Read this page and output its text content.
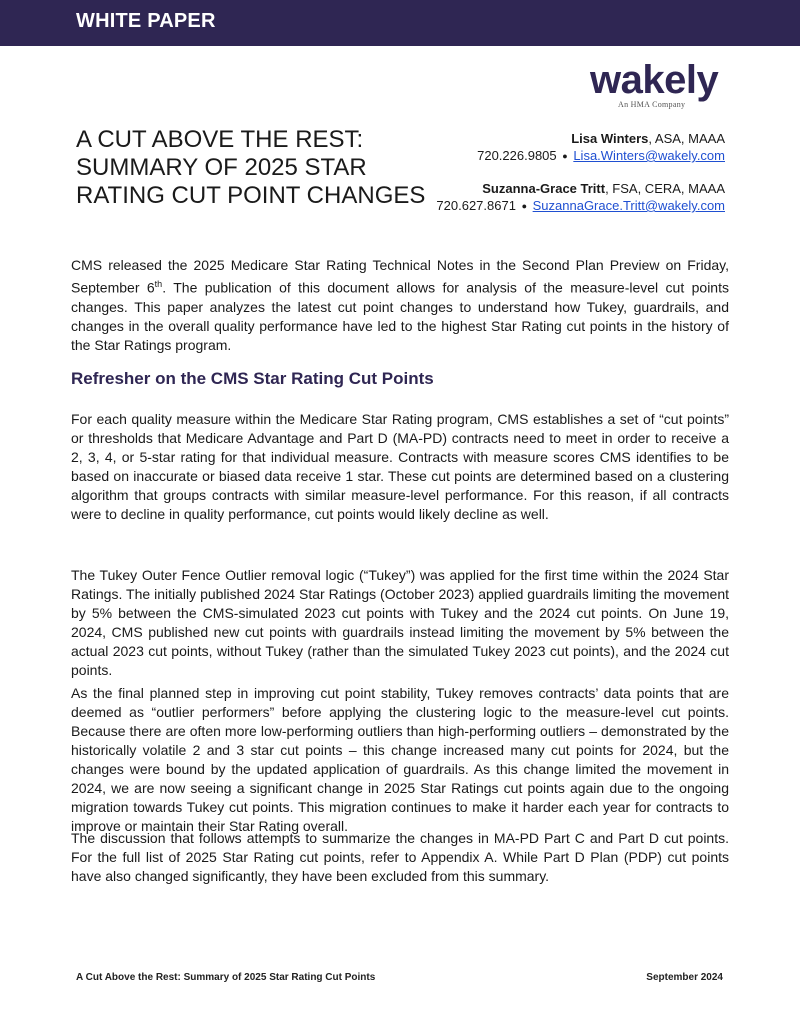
WHITE PAPER
wakely
An HMA Company
A CUT ABOVE THE REST:
SUMMARY OF 2025 STAR
RATING CUT POINT CHANGES
Lisa Winters, ASA, MAAA
720.226.9805 ● Lisa.Winters@wakely.com
Suzanna-Grace Tritt, FSA, CERA, MAAA
720.627.8671 ● SuzannaGrace.Tritt@wakely.com

CMS released the 2025 Medicare Star Rating Technical Notes in the Second Plan Preview on Friday, September 6th. The publication of this document allows for analysis of the measure-level cut points changes. This paper analyzes the latest cut point changes to understand how Tukey, guardrails, and changes in the overall quality performance have led to the highest Star Rating cut points in the history of the Star Ratings program.

Refresher on the CMS Star Rating Cut Points

For each quality measure within the Medicare Star Rating program, CMS establishes a set of “cut points” or thresholds that Medicare Advantage and Part D (MA-PD) contracts need to meet in order to receive a 2, 3, 4, or 5-star rating for that individual measure. Contracts with measure scores CMS identifies to be based on inaccurate or biased data receive 1 star. These cut points are determined based on a clustering algorithm that groups contracts with similar measure-level performance. For this reason, if all contracts were to decline in quality performance, cut points would likely decline as well.

The Tukey Outer Fence Outlier removal logic (“Tukey”) was applied for the first time within the 2024 Star Ratings. The initially published 2024 Star Ratings (October 2023) applied guardrails limiting the movement by 5% between the CMS-simulated 2023 cut points with Tukey and the 2024 cut points. On June 19, 2024, CMS published new cut points with guardrails instead limiting the movement by 5% between the actual 2023 cut points, without Tukey (rather than the simulated Tukey 2023 cut points), and the 2024 cut points.

As the final planned step in improving cut point stability, Tukey removes contracts’ data points that are deemed as “outlier performers” before applying the clustering logic to the measure-level cut points. Because there are often more low-performing outliers than high-performing outliers – demonstrated by the historically volatile 2 and 3 star cut points – this change increased many cut points for 2024, but the changes were bound by the updated application of guardrails. As this change limited the movement in 2024, we are now seeing a significant change in 2025 Star Ratings cut points again due to the ongoing migration towards Tukey cut points. This migration continues to make it harder each year for contracts to improve or maintain their Star Rating overall.

The discussion that follows attempts to summarize the changes in MA-PD Part C and Part D cut points. For the full list of 2025 Star Rating cut points, refer to Appendix A. While Part D Plan (PDP) cut points have also changed significantly, they have been excluded from this summary.

A Cut Above the Rest: Summary of 2025 Star Rating Cut Points	September 2024
